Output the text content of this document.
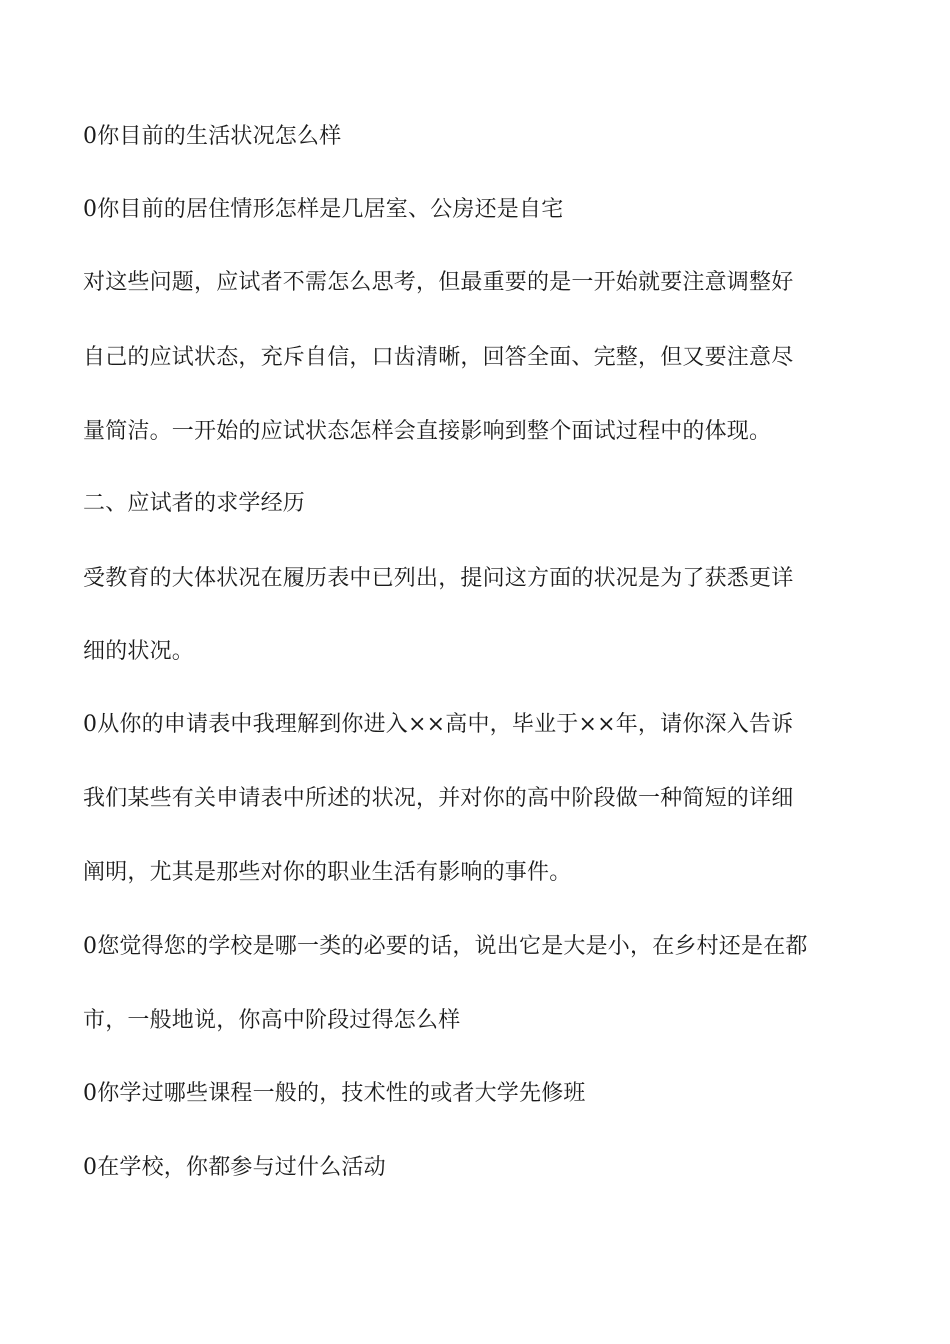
0你目前的生活状况怎么样
0你目前的居住情形怎样是几居室、公房还是自宅
对这些问题，应试者不需怎么思考，但最重要的是一开始就要注意调整好
自己的应试状态，充斥自信，口齿清晰，回答全面、完整，但又要注意尽
量简洁。一开始的应试状态怎样会直接影响到整个面试过程中的体现。
二、应试者的求学经历
受教育的大体状况在履历表中已列出，提问这方面的状况是为了获悉更详
细的状况。
0从你的申请表中我理解到你进入××高中，毕业于××年，请你深入告诉
我们某些有关申请表中所述的状况，并对你的高中阶段做一种简短的详细
阐明，尤其是那些对你的职业生活有影响的事件。
0您觉得您的学校是哪一类的必要的话，说出它是大是小，在乡村还是在都
市，一般地说，你高中阶段过得怎么样
0你学过哪些课程一般的，技术性的或者大学先修班
0在学校，你都参与过什么活动
